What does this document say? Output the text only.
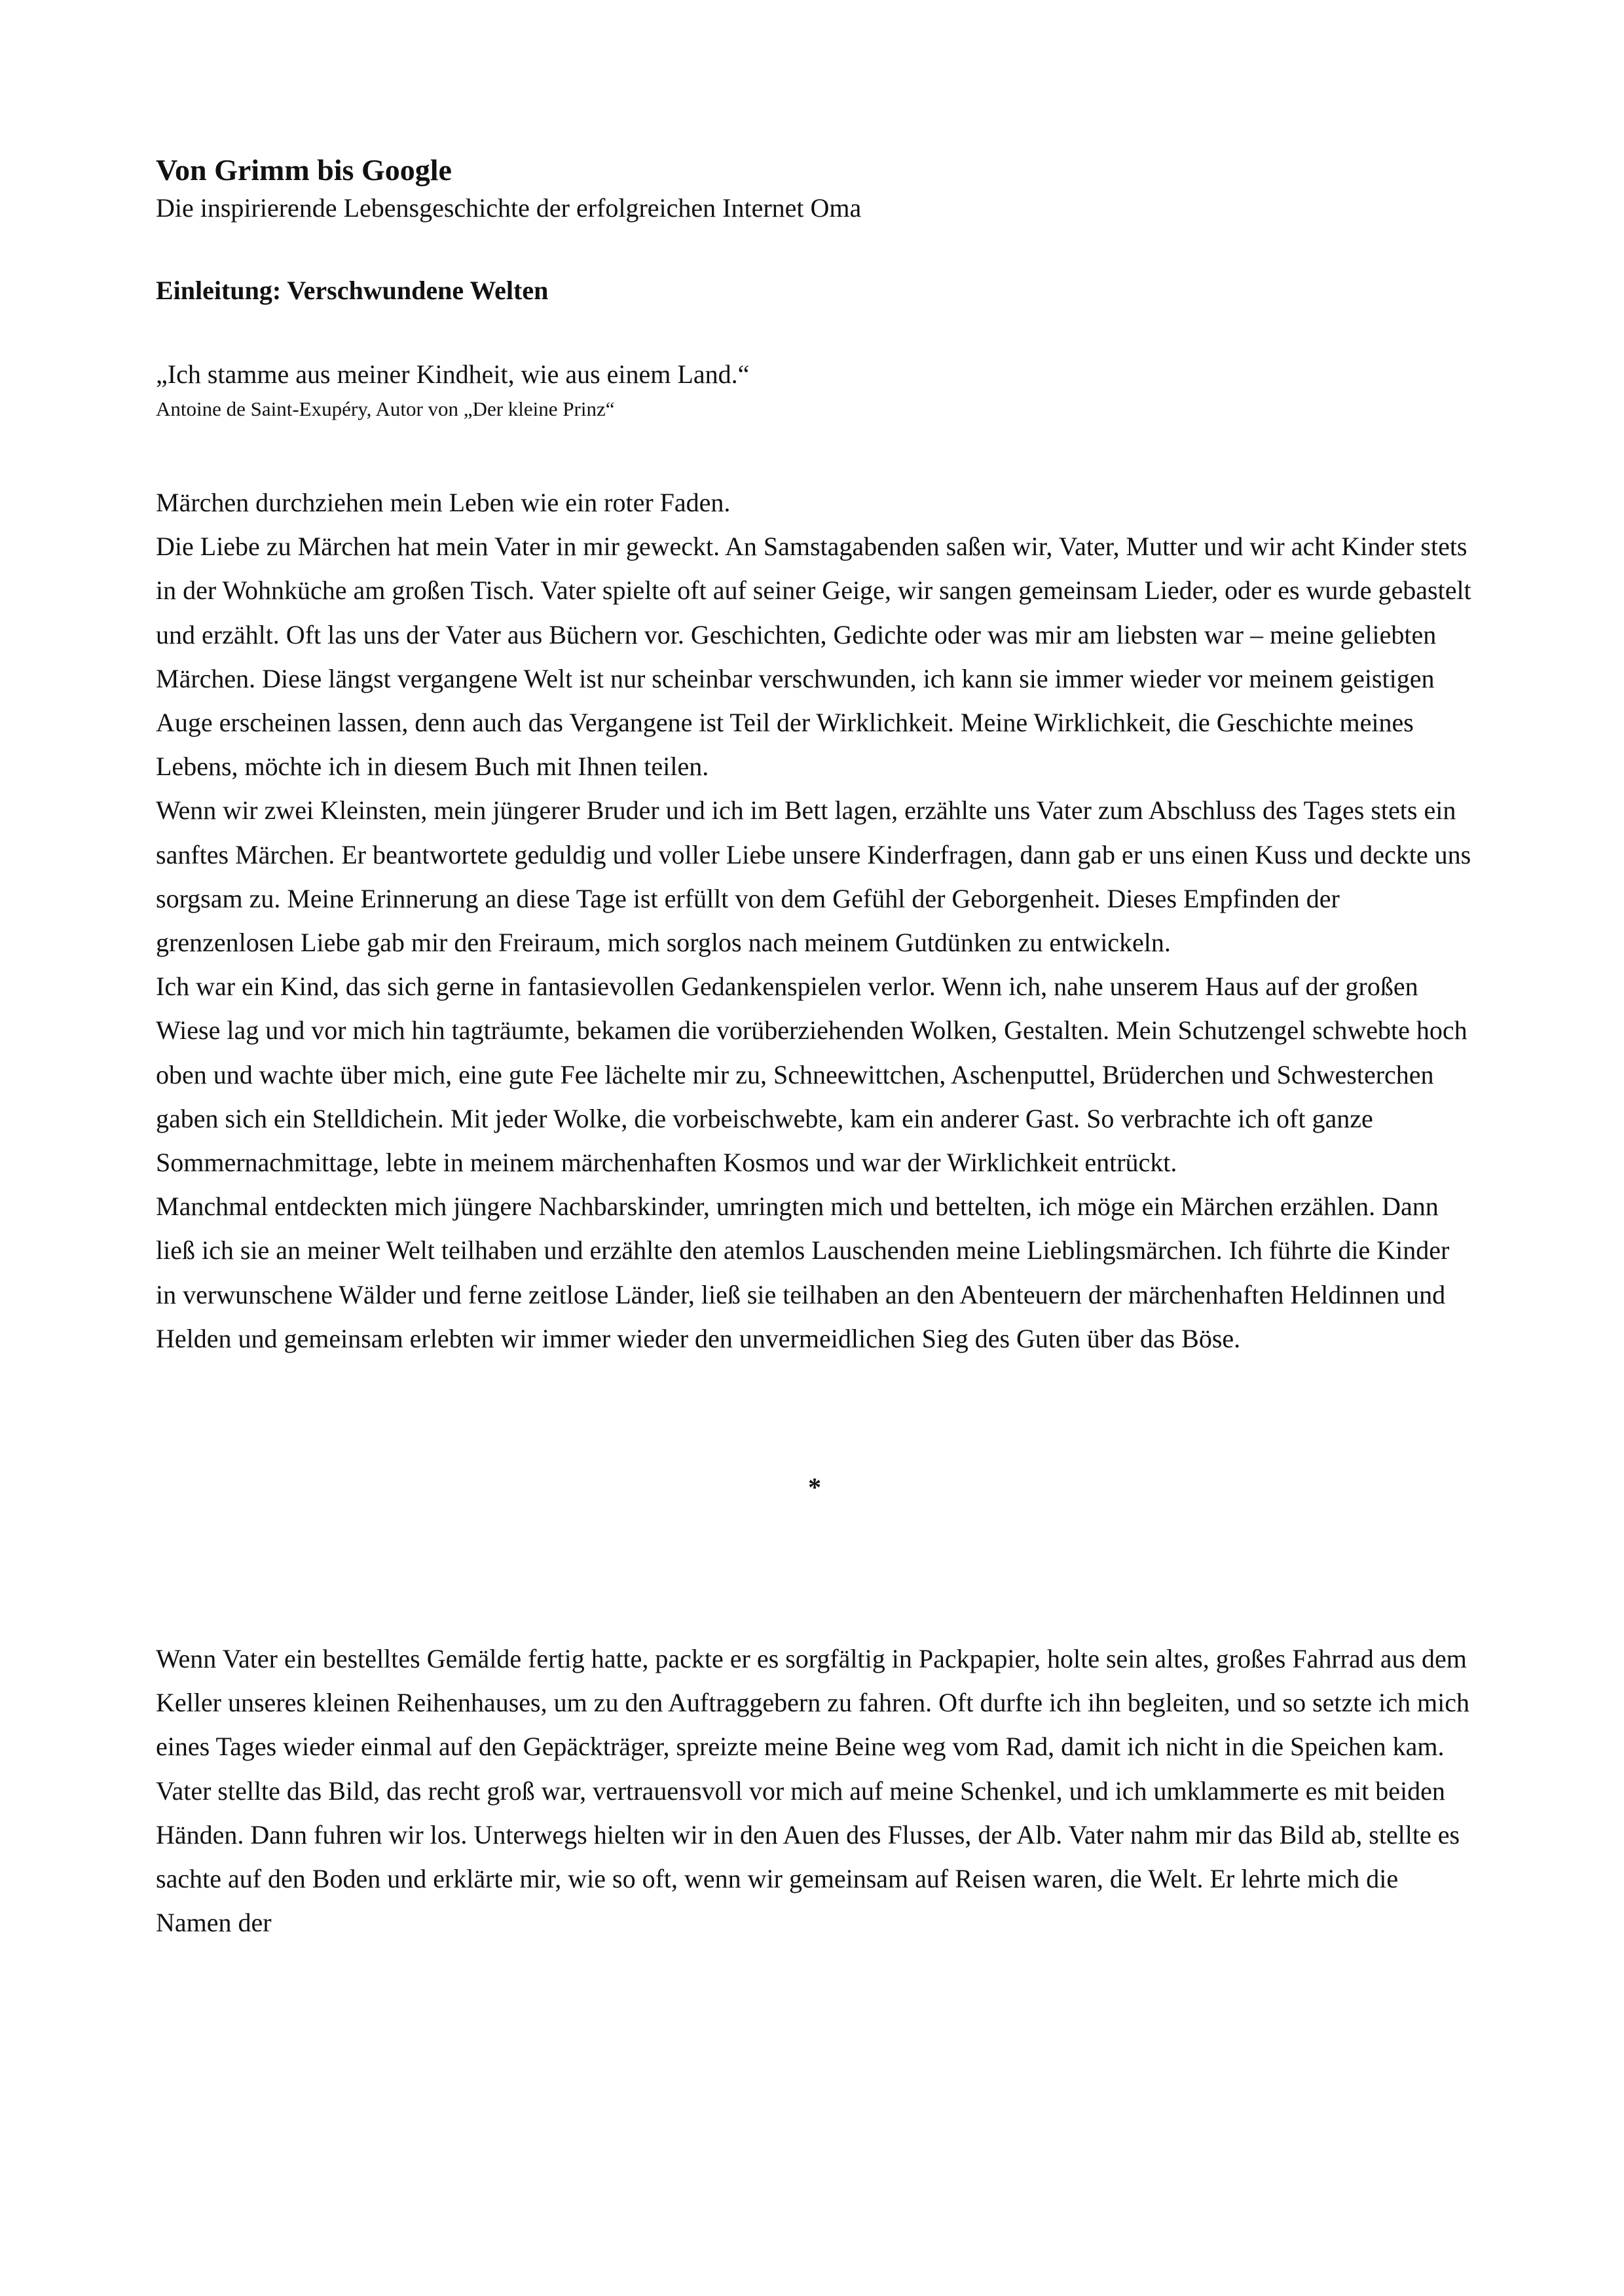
Von Grimm bis Google

Die inspirierende Lebensgeschichte der erfolgreichen Internet Oma

Einleitung: Verschwundene Welten
„Ich stamme aus meiner Kindheit, wie aus einem Land.“
Antoine de Saint-Exupéry, Autor von „Der kleine Prinz“

Märchen durchziehen mein Leben wie ein roter Faden.

Die Liebe zu Märchen hat mein Vater in mir geweckt. An Samstagabenden saßen wir, Vater, Mutter und wir acht Kinder stets in der Wohnküche am großen Tisch. Vater spielte oft auf seiner Geige, wir sangen gemeinsam Lieder, oder es wurde gebastelt und erzählt. Oft las uns der Vater aus Büchern vor. Geschichten, Gedichte oder was mir am liebsten war – meine geliebten Märchen. Diese längst vergangene Welt ist nur scheinbar verschwunden, ich kann sie immer wieder vor meinem geistigen Auge erscheinen lassen, denn auch das Vergangene ist Teil der Wirklichkeit. Meine Wirklichkeit, die Geschichte meines Lebens, möchte ich in diesem Buch mit Ihnen teilen.

Wenn wir zwei Kleinsten, mein jüngerer Bruder und ich im Bett lagen, erzählte uns Vater zum Abschluss des Tages stets ein sanftes Märchen. Er beantwortete geduldig und voller Liebe unsere Kinderfragen, dann gab er uns einen Kuss und deckte uns sorgsam zu. Meine Erinnerung an diese Tage ist erfüllt von dem Gefühl der Geborgenheit. Dieses Empfinden der grenzenlosen Liebe gab mir den Freiraum, mich sorglos nach meinem Gutdünken zu entwickeln.

Ich war ein Kind, das sich gerne in fantasievollen Gedankenspielen verlor. Wenn ich, nahe unserem Haus auf der großen Wiese lag und vor mich hin tagträumte, bekamen die vorüberziehenden Wolken, Gestalten. Mein Schutzengel schwebte hoch oben und wachte über mich, eine gute Fee lächelte mir zu, Schneewittchen, Aschenputtel, Brüderchen und Schwesterchen gaben sich ein Stelldichein. Mit jeder Wolke, die vorbeischwebte, kam ein anderer Gast. So verbrachte ich oft ganze Sommernachmittage, lebte in meinem märchenhaften Kosmos und war der Wirklichkeit entrückt.

Manchmal entdeckten mich jüngere Nachbarskinder, umringten mich und bettelten, ich möge ein Märchen erzählen. Dann ließ ich sie an meiner Welt teilhaben und erzählte den atemlos Lauschenden meine Lieblingsmärchen. Ich führte die Kinder in verwunschene Wälder und ferne zeitlose Länder, ließ sie teilhaben an den Abenteuern der märchenhaften Heldinnen und Helden und gemeinsam erlebten wir immer wieder den unvermeidlichen Sieg des Guten über das Böse.

*

Wenn Vater ein bestelltes Gemälde fertig hatte, packte er es sorgfältig in Packpapier, holte sein altes, großes Fahrrad aus dem Keller unseres kleinen Reihenhauses, um zu den Auftraggebern zu fahren. Oft durfte ich ihn begleiten, und so setzte ich mich eines Tages wieder einmal auf den Gepäckträger, spreizte meine Beine weg vom Rad, damit ich nicht in die Speichen kam. Vater stellte das Bild, das recht groß war, vertrauensvoll vor mich auf meine Schenkel, und ich umklammerte es mit beiden Händen. Dann fuhren wir los. Unterwegs hielten wir in den Auen des Flusses, der Alb. Vater nahm mir das Bild ab, stellte es sachte auf den Boden und erklärte mir, wie so oft, wenn wir gemeinsam auf Reisen waren, die Welt. Er lehrte mich die Namen der
